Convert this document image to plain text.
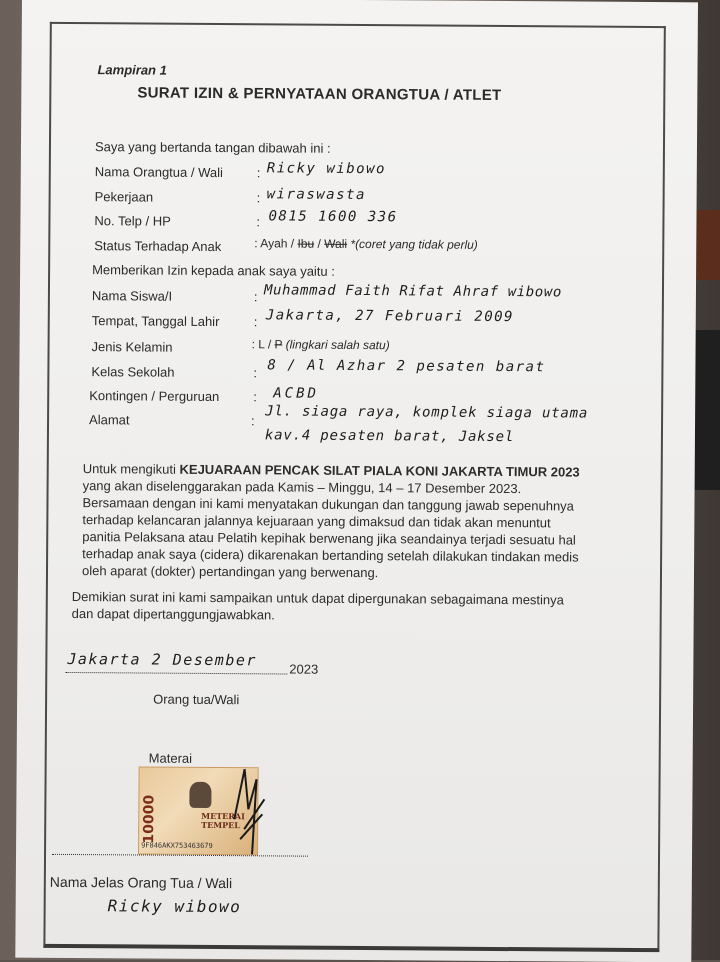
Lampiran 1
SURAT IZIN & PERNYATAAN ORANGTUA / ATLET
Saya yang bertanda tangan dibawah ini :
Nama Orangtua / Wali	: Ricky wibowo
Pekerjaan	: wiraswasta
No. Telp / HP	: 0815 1600 336
Status Terhadap Anak	: Ayah / Ibu / Wali *(coret yang tidak perlu)
Memberikan Izin kepada anak saya yaitu :
Nama Siswa/I	: Muhammad Faith Rifat Ahraf wibowo
Tempat, Tanggal Lahir	: Jakarta, 27 Februari 2009
Jenis Kelamin	: L / P (lingkari salah satu)
Kelas Sekolah	: 8 / Al Azhar 2 pesaten barat
Kontingen / Perguruan	: ACBD
Alamat	: Jl. siaga raya, komplek siaga utama
kav.4 pesaten barat, Jaksel
Untuk mengikuti KEJUARAAN PENCAK SILAT PIALA KONI JAKARTA TIMUR 2023
yang akan diselenggarakan pada Kamis – Minggu, 14 – 17 Desember 2023.
Bersamaan dengan ini kami menyatakan dukungan dan tanggung jawab sepenuhnya
terhadap kelancaran jalannya kejuaraan yang dimaksud dan tidak akan menuntut
panitia Pelaksana atau Pelatih kepihak berwenang jika seandainya terjadi sesuatu hal
terhadap anak saya (cidera) dikarenakan bertanding setelah dilakukan tindakan medis
oleh aparat (dokter) pertandingan yang berwenang.
Demikian surat ini kami sampaikan untuk dapat dipergunakan sebagaimana mestinya
dan dapat dipertanggungjawabkan.
Jakarta 2 Desember 2023
Orang tua/Wali
Materai
10000	METERAI TEMPEL
9F846AKX753463679
Nama Jelas Orang Tua / Wali
Ricky wibowo
